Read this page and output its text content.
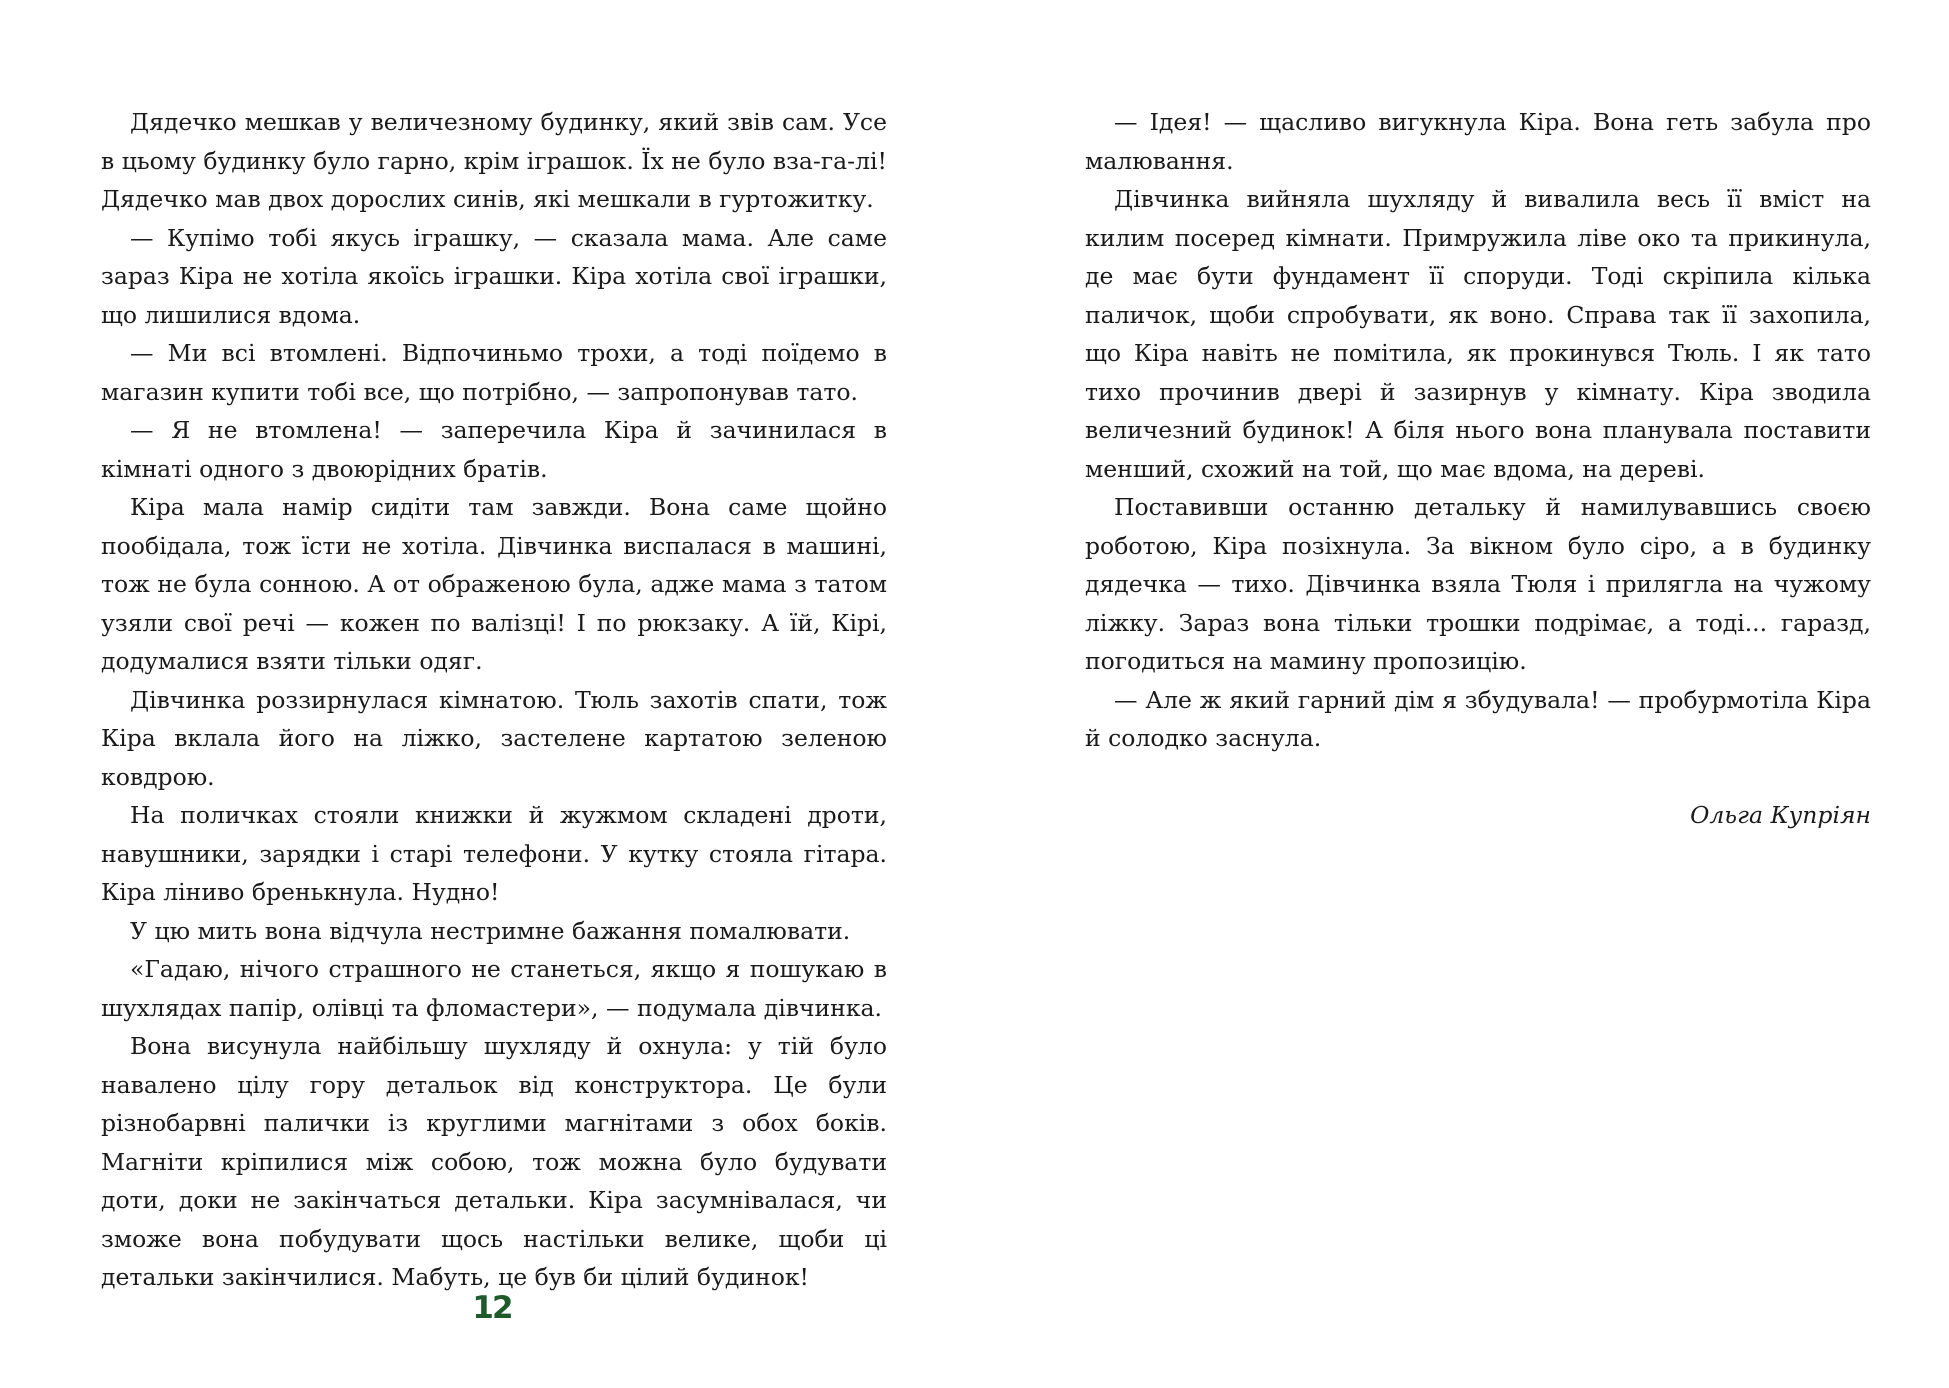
Дядечко мешкав у величезному будинку, який звів сам. Усе в цьому будинку було гарно, крім іграшок. Їх не було вза-га-лі! Дядечко мав двох дорослих синів, які мешкали в гуртожитку.

— Купімо тобі якусь іграшку, — сказала мама. Але саме зараз Кіра не хотіла якоїсь іграшки. Кіра хотіла свої іграшки, що лишилися вдома.

— Ми всі втомлені. Відпочиньмо трохи, а тоді поїдемо в магазин купити тобі все, що потрібно, — запропонував тато.

— Я не втомлена! — заперечила Кіра й зачинилася в кімнаті одного з двоюрідних братів.

Кіра мала намір сидіти там завжди. Вона саме щойно пообідала, тож їсти не хотіла. Дівчинка виспалася в машині, тож не була сонною. А от ображеною була, адже мама з татом узяли свої речі — кожен по валізці! І по рюкзаку. А їй, Кірі, додумалися взяти тільки одяг.

Дівчинка роззирнулася кімнатою. Тюль захотів спати, тож Кіра вклала його на ліжко, застелене картатою зеленою ковдрою.

На поличках стояли книжки й жужмом складені дроти, навушники, зарядки і старі телефони. У кутку стояла гітара. Кіра ліниво бренькнула. Нудно!

У цю мить вона відчула нестримне бажання помалювати.

«Гадаю, нічого страшного не станеться, якщо я пошукаю в шухлядах папір, олівці та фломастери», — подумала дівчинка.

Вона висунула найбільшу шухляду й охнула: у тій було навалено цілу гору детальок від конструктора. Це були різнобарвні палички із круглими магнітами з обох боків. Магніти кріпилися між собою, тож можна було будувати доти, доки не закінчаться детальки. Кіра засумнівалася, чи зможе вона побудувати щось настільки велике, щоби ці детальки закінчилися. Мабуть, це був би цілий будинок!

12

— Ідея! — щасливо вигукнула Кіра. Вона геть забула про малювання.

Дівчинка вийняла шухляду й вивалила весь її вміст на килим посеред кімнати. Примружила ліве око та прикинула, де має бути фундамент її споруди. Тоді скріпила кілька паличок, щоби спробувати, як воно. Справа так її захопила, що Кіра навіть не помітила, як прокинувся Тюль. І як тато тихо прочинив двері й зазирнув у кімнату. Кіра зводила величезний будинок! А біля нього вона планувала поставити менший, схожий на той, що має вдома, на дереві.

Поставивши останню детальку й намилувавшись своєю роботою, Кіра позіхнула. За вікном було сіро, а в будинку дядечка — тихо. Дівчинка взяла Тюля і прилягла на чужому ліжку. Зараз вона тільки трошки подрімає, а тоді... гаразд, погодиться на мамину пропозицію.

— Але ж який гарний дім я збудувала! — пробурмотіла Кіра й солодко заснула.

Ольга Купріян
